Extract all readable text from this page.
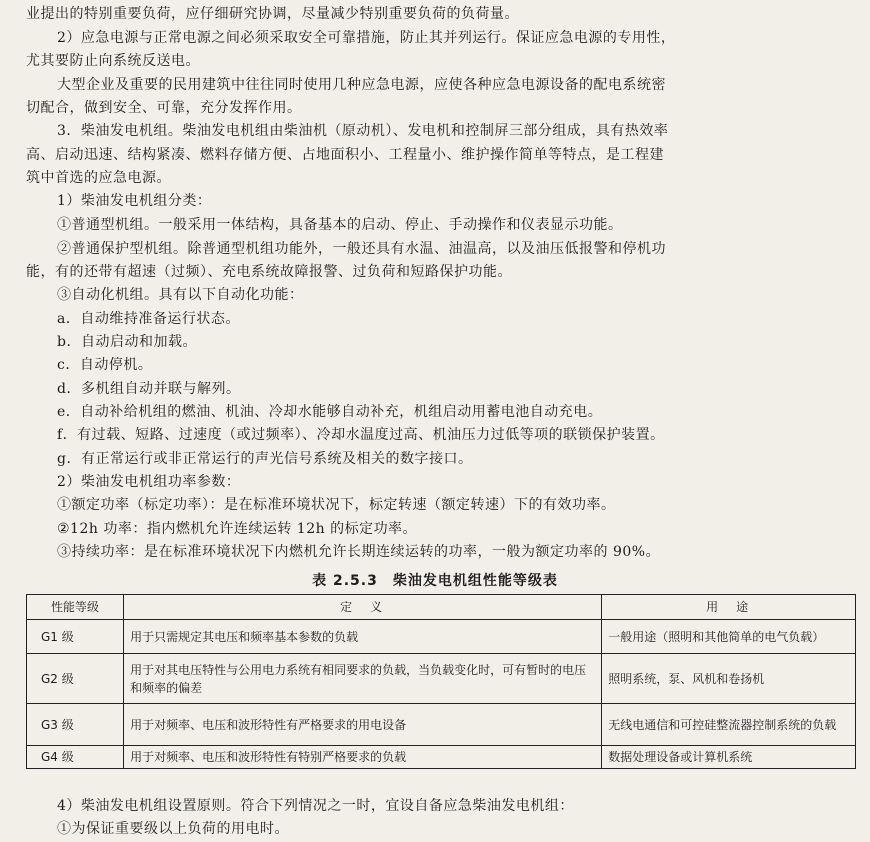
业提出的特别重要负荷，应仔细研究协调，尽量减少特别重要负荷的负荷量。
2）应急电源与正常电源之间必须采取安全可靠措施，防止其并列运行。保证应急电源的专用性，
尤其要防止向系统反送电。
大型企业及重要的民用建筑中往往同时使用几种应急电源，应使各种应急电源设备的配电系统密
切配合，做到安全、可靠，充分发挥作用。
3．柴油发电机组。柴油发电机组由柴油机（原动机）、发电机和控制屏三部分组成，具有热效率
高、启动迅速、结构紧凑、燃料存储方便、占地面积小、工程量小、维护操作简单等特点，是工程建
筑中首选的应急电源。
1）柴油发电机组分类：
①普通型机组。一般采用一体结构，具备基本的启动、停止、手动操作和仪表显示功能。
②普通保护型机组。除普通型机组功能外，一般还具有水温、油温高，以及油压低报警和停机功
能，有的还带有超速（过频）、充电系统故障报警、过负荷和短路保护功能。
③自动化机组。具有以下自动化功能：
a．自动维持准备运行状态。
b．自动启动和加载。
c．自动停机。
d．多机组自动并联与解列。
e．自动补给机组的燃油、机油、冷却水能够自动补充，机组启动用蓄电池自动充电。
f．有过载、短路、过速度（或过频率）、冷却水温度过高、机油压力过低等项的联锁保护装置。
g．有正常运行或非正常运行的声光信号系统及相关的数字接口。
2）柴油发电机组功率参数：
①额定功率（标定功率）：是在标准环境状况下，标定转速（额定转速）下的有效功率。
②12h 功率：指内燃机允许连续运转 12h 的标定功率。
③持续功率：是在标准环境状况下内燃机允许长期连续运转的功率，一般为额定功率的 90%。
表 2.5.3　柴油发电机组性能等级表
性能等级	定　义	用　途
G1 级	用于只需规定其电压和频率基本参数的负载	一般用途（照明和其他简单的电气负载）
G2 级	用于对其电压特性与公用电力系统有相同要求的负载，当负载变化时，可有暂时的电压和频率的偏差	照明系统，泵、风机和卷扬机
G3 级	用于对频率、电压和波形特性有严格要求的用电设备	无线电通信和可控硅整流器控制系统的负载
G4 级	用于对频率、电压和波形特性有特别严格要求的负载	数据处理设备或计算机系统
4）柴油发电机组设置原则。符合下列情况之一时，宜设自备应急柴油发电机组：
①为保证重要级以上负荷的用电时。
